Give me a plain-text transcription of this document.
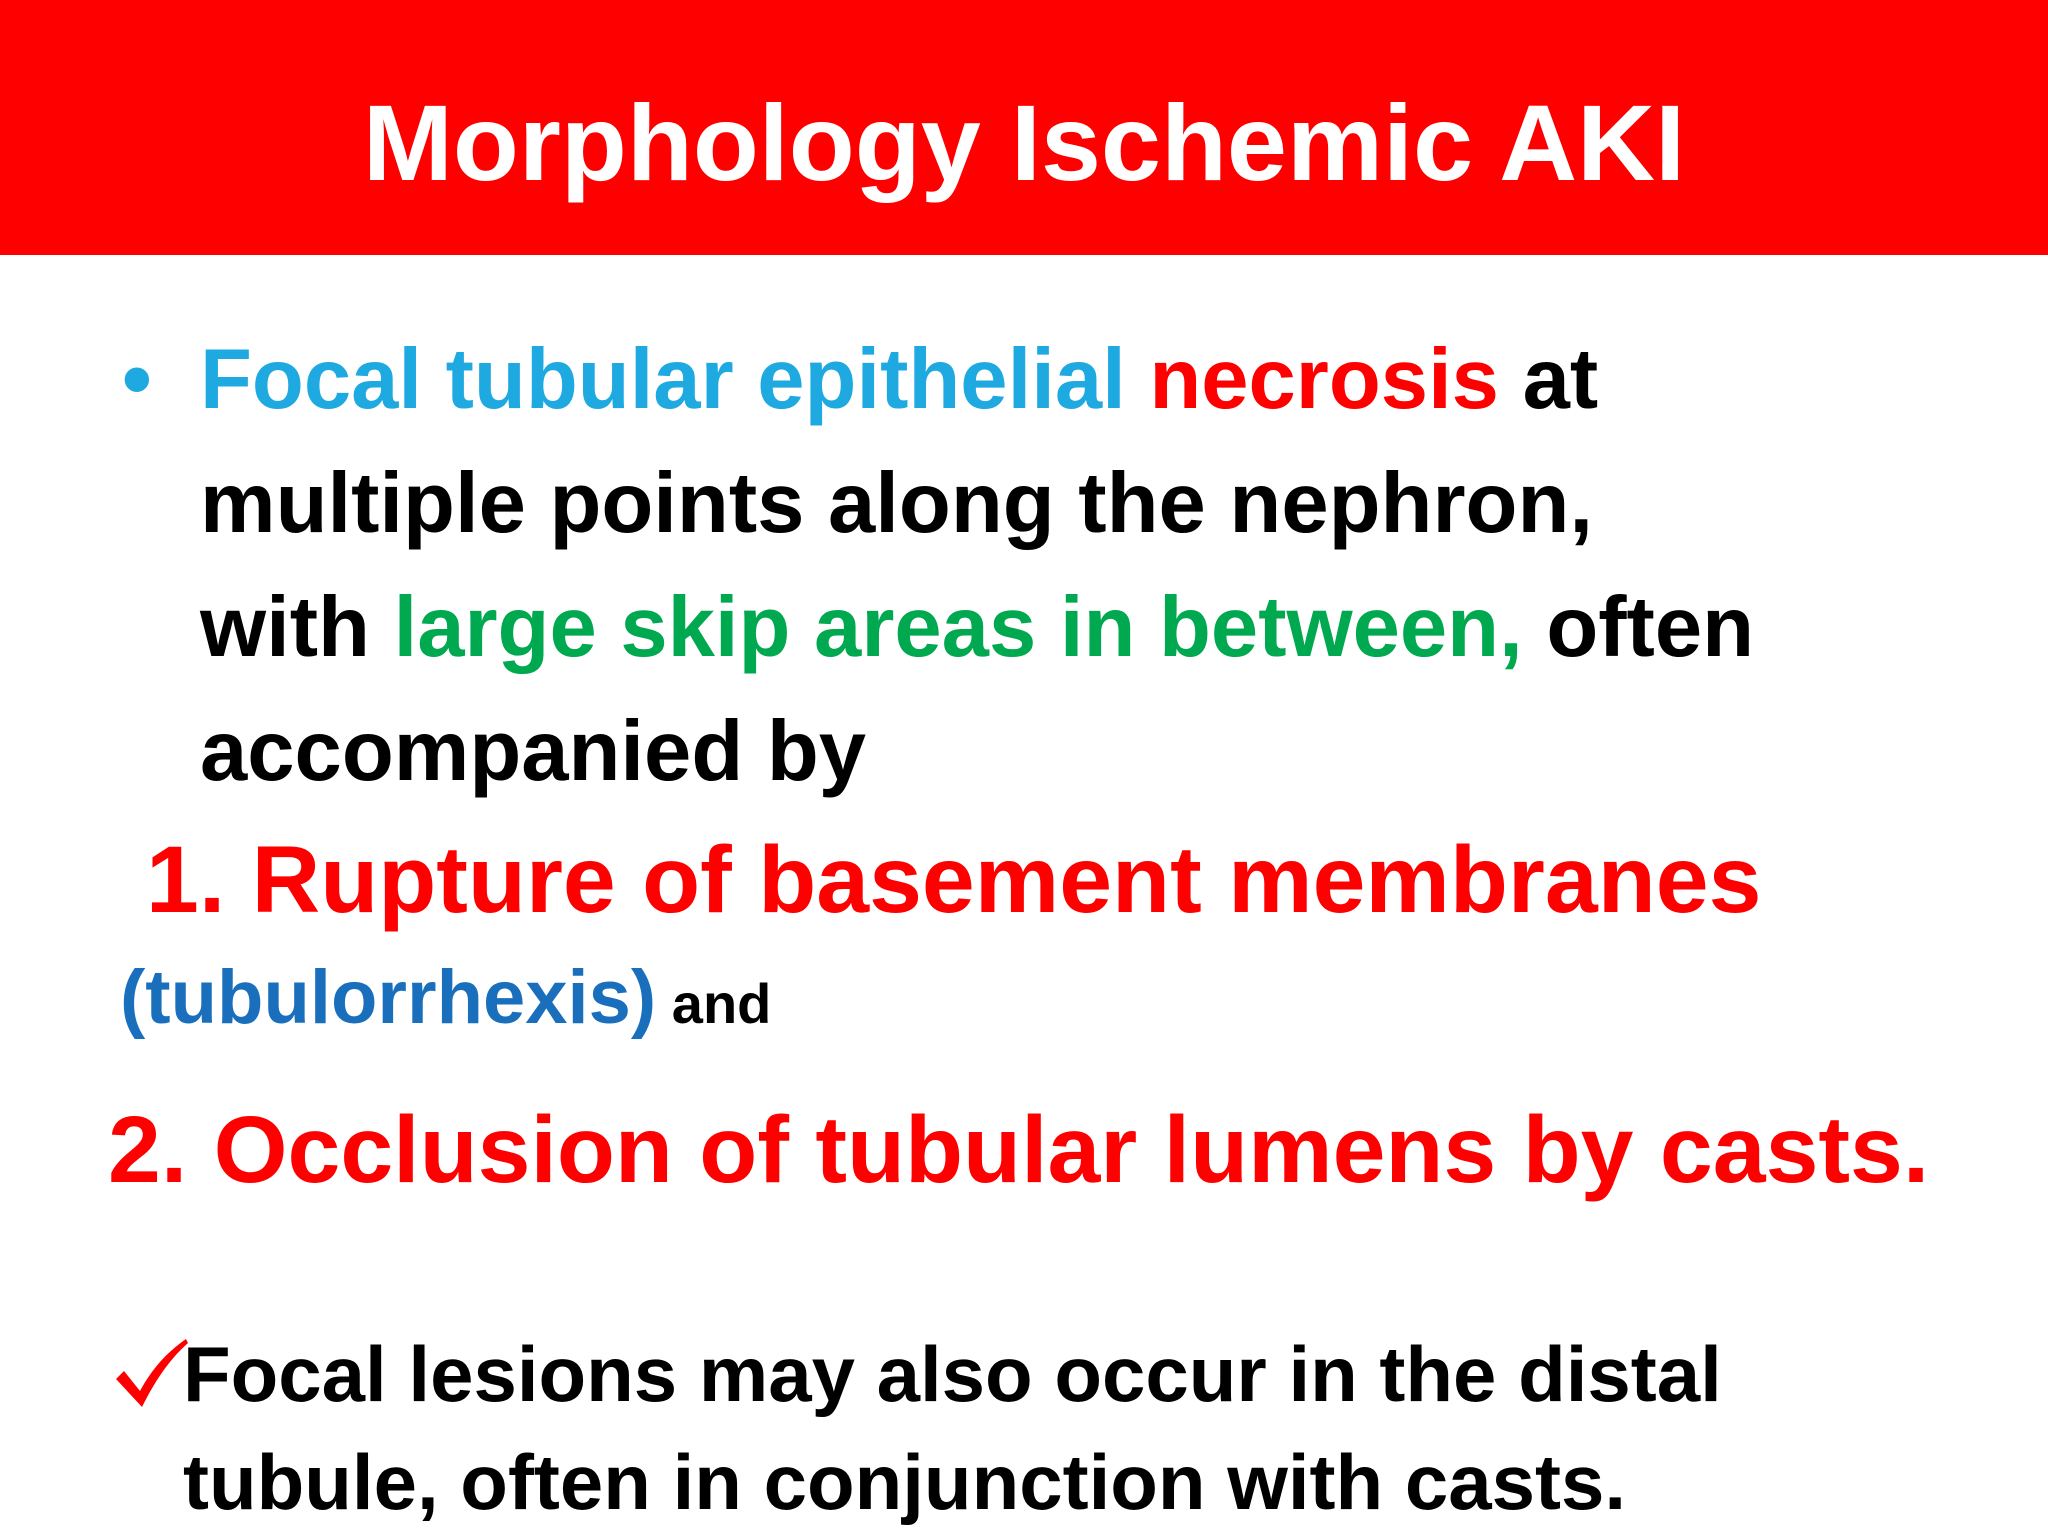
Morphology Ischemic AKI
• Focal tubular epithelial necrosis at
multiple points along the nephron,
with large skip areas in between, often
accompanied by
1. Rupture of basement membranes
(tubulorrhexis) and
2. Occlusion of tubular lumens by casts.
Focal lesions may also occur in the distal
tubule, often in conjunction with casts.
